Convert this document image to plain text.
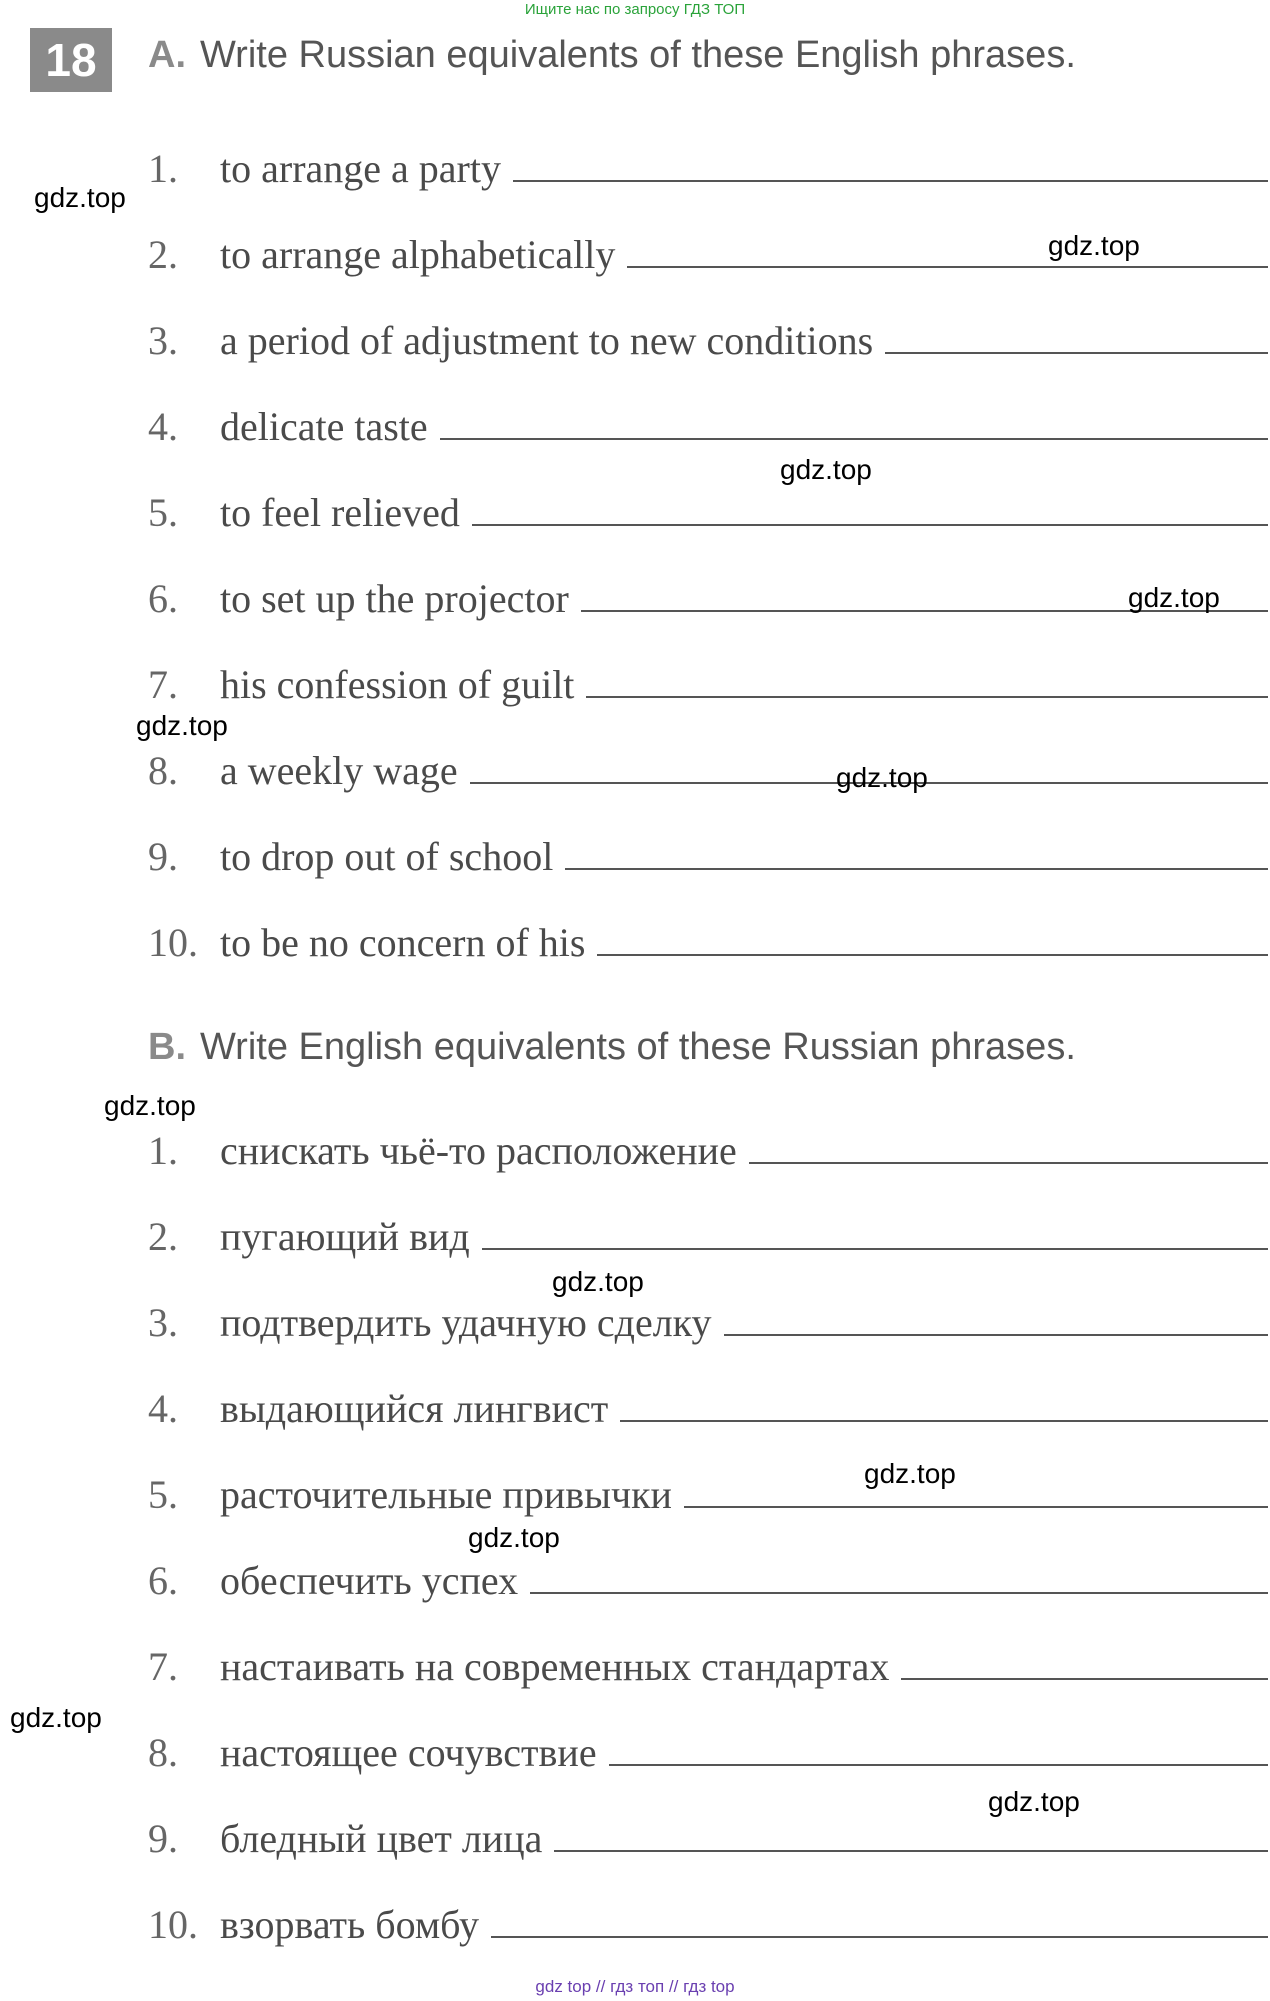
Ищите нас по запросу ГДЗ ТОП
18	A. Write Russian equivalents of these English phrases.
1.	to arrange a party
2.	to arrange alphabetically
3.	a period of adjustment to new conditions
4.	delicate taste
5.	to feel relieved
6.	to set up the projector
7.	his confession of guilt
8.	a weekly wage
9.	to drop out of school
10. to be no concern of his
B. Write English equivalents of these Russian phrases.
1.	снискать чьё-то расположение
2.	пугающий вид
3.	подтвердить удачную сделку
4.	выдающийся лингвист
5.	расточительные привычки
6.	обеспечить успех
7.	настаивать на современных стандартах
8.	настоящее сочувствие
9.	бледный цвет лица
10. взорвать бомбу
gdz.top
gdz.top
gdz.top
gdz.top
gdz.top
gdz.top
gdz.top
gdz.top
gdz.top
gdz.top
gdz.top
gdz.top
gdz top // гдз топ // гдз top
